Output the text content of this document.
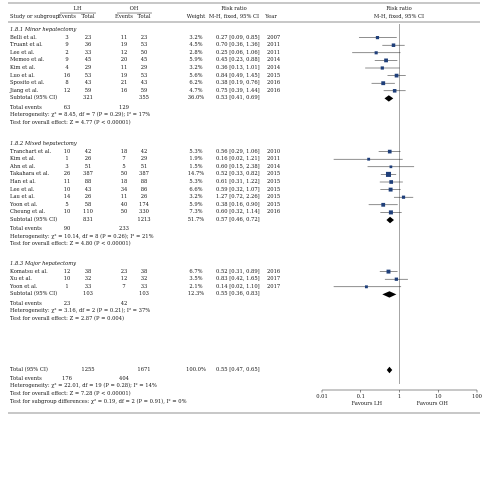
LH	OH	Risk ratio	Risk ratio
Study or subgroup Events	Total	Events Total	Weight M-H, fixed, 95% CI	Year	M-H, fixed, 95% CI
1.8.1 Minor hepatectomy
Belli et al.	3	23	11	23	3.2%	0.27 [0.09, 0.85] 2007
Truant et al.	9	36	19	53	4.5%	0.70 [0.36, 1.36] 2011
Lee et al.	2	33	12	50	2.8%	0.25 [0.06, 1.06] 2011
Memeo et al.	9	45	20	45	5.9%	0.45 [0.23, 0.88] 2014
Kim et al.	4	29	11	29	3.2%	0.36 [0.13, 1.01] 2014
Luo et al.	16	53	19	53	5.6%	0.84 [0.49, 1.45] 2015
Sposito et al.	8	43	21	43	6.2%	0.38 [0.19, 0.76] 2016
Jiang et al.	12	59	16	59	4.7%	0.75 [0.39, 1.44] 2016
Subtotal (95% CI)	321	355	36.0%	0.53 [0.41, 0.69]
Total events	63	129
Heterogeneity: χ² = 8.45, df = 7 (P = 0.29); I² = 17%
Test for overall effect: Z = 4.77 (P < 0.00001)
1.8.2 Mixed hepatectomy
Tranchart et al.	10	42	18	42	5.3%	0.56 [0.29, 1.06] 2010
Kim et al.	1	26	7	29	1.9%	0.16 [0.02, 1.21] 2011
Ahn et al.	3	51	5	51	1.5%	0.60 [0.15, 2.38] 2014
Takahara et al.	26	387	50	387	14.7%	0.52 [0.33, 0.82] 2015
Han et al.	11	88	18	88	5.3%	0.61 [0.31, 1.22] 2015
Lee et al.	10	43	34	86	6.6%	0.59 [0.32, 1.07] 2015
Lau et al.	14	26	11	26	3.2%	1.27 [0.72, 2.26] 2015
Yoon et al.	5	58	40	174	5.9%	0.38 [0.16, 0.90] 2015
Cheung et al.	10	110	50	330	7.3%	0.60 [0.32, 1.14] 2016
Subtotal (95% CI)	831	1213	51.7%	0.57 [0.46, 0.72]
Total events	90	233
Heterogeneity: χ² = 10.14, df = 8 (P = 0.26); I² = 21%
Test for overall effect: Z = 4.80 (P < 0.00001)
1.8.3 Major hepatectomy
Komatsu et al.	12	38	23	38	6.7%	0.52 [0.31, 0.89] 2016
Xu et al.	10	32	12	32	3.5%	0.83 [0.42, 1.65] 2017
Yoon et al.	1	33	7	33	2.1%	0.14 [0.02, 1.10] 2017
Subtotal (95% CI)	103	103	12.3%	0.55 [0.36, 0.83]
Total events	23	42
Heterogeneity: χ² = 3.16, df = 2 (P = 0.21); I² = 37%
Test for overall effect: Z = 2.87 (P = 0.004)
Total (95% CI)	1255	1671	100.0%	0.55 [0.47, 0.65]
Total events	176	404
Heterogeneity: χ² = 22.01, df = 19 (P = 0.28); I² = 14%
Test for overall effect: Z = 7.28 (P < 0.00001)
Test for subgroup differences: χ² = 0.19, df = 2 (P = 0.91), I² = 0%
0.01	0.1	1	10	100
Favours LH	Favours OH
